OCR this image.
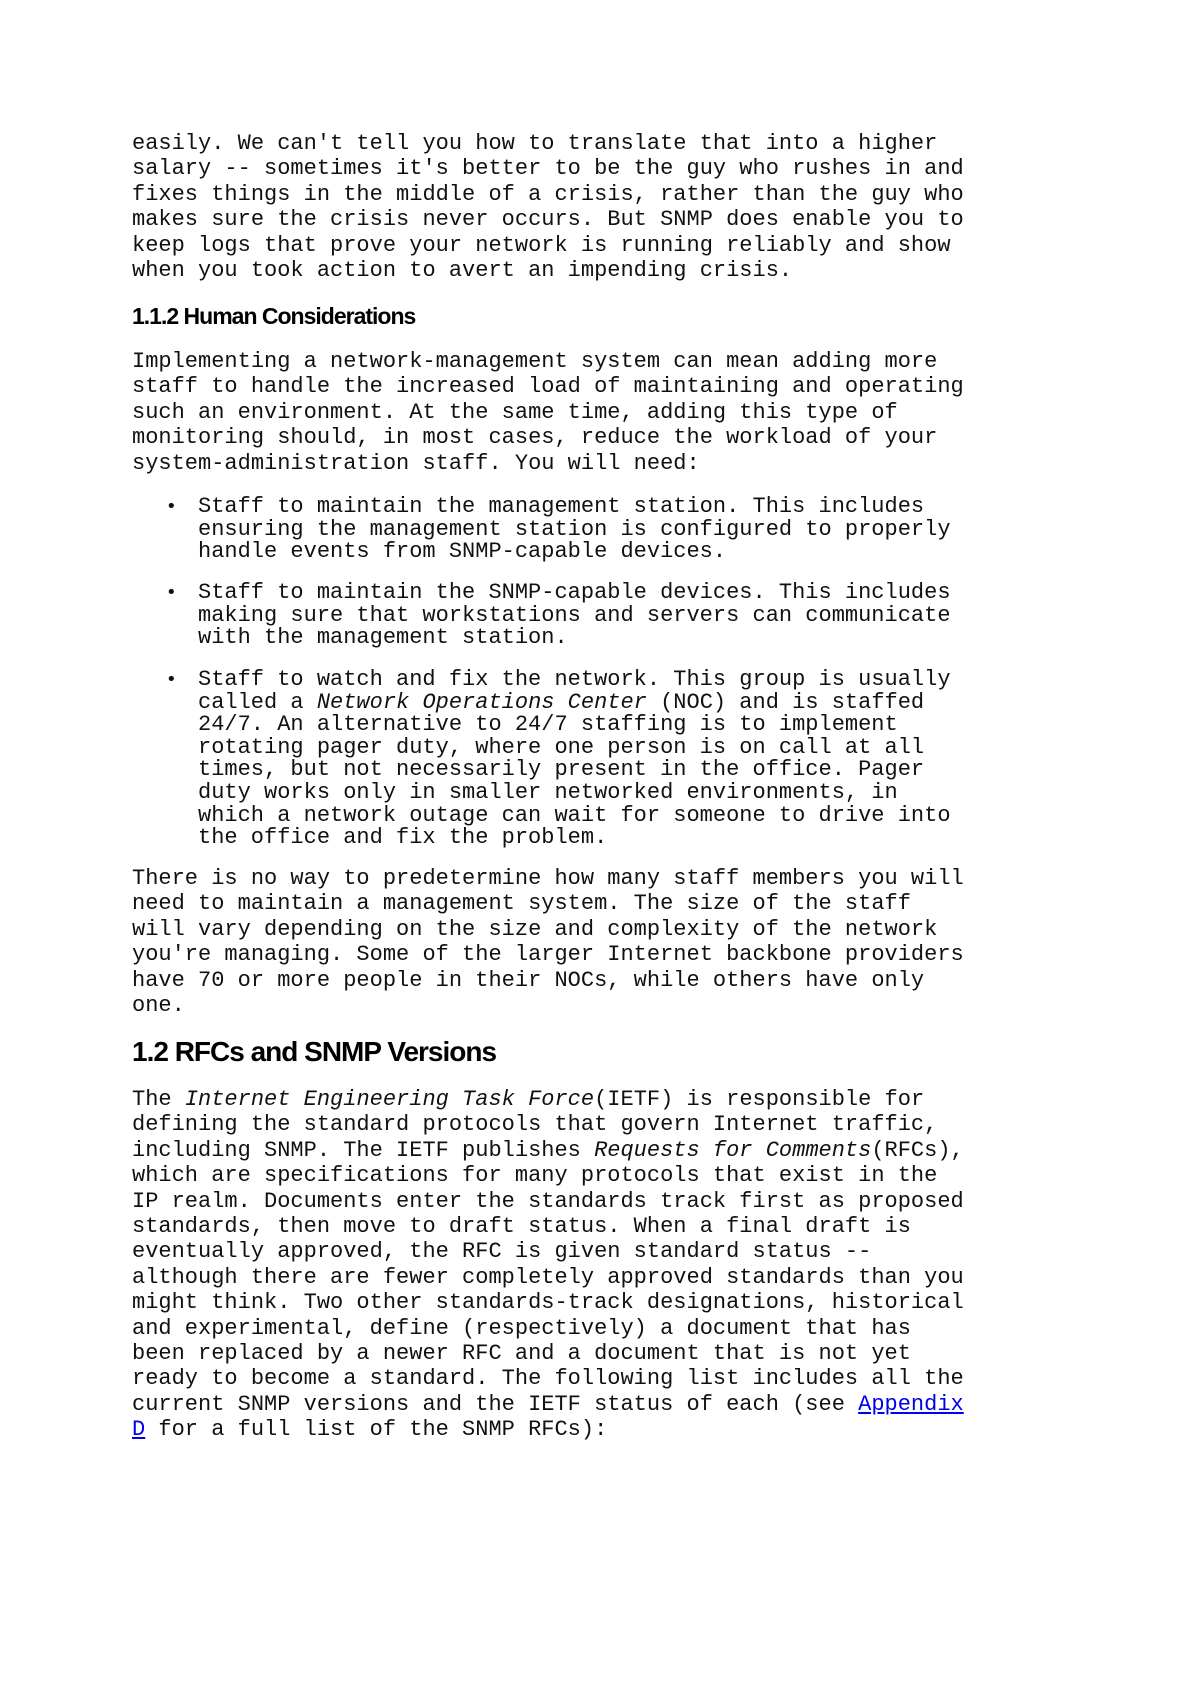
easily. We can't tell you how to translate that into a higher
salary -- sometimes it's better to be the guy who rushes in and
fixes things in the middle of a crisis, rather than the guy who
makes sure the crisis never occurs. But SNMP does enable you to
keep logs that prove your network is running reliably and show
when you took action to avert an impending crisis.
1.1.2 Human Considerations
Implementing a network-management system can mean adding more
staff to handle the increased load of maintaining and operating
such an environment. At the same time, adding this type of
monitoring should, in most cases, reduce the workload of your
system-administration staff. You will need:
• Staff to maintain the management station. This includes
ensuring the management station is configured to properly
handle events from SNMP-capable devices.
• Staff to maintain the SNMP-capable devices. This includes
making sure that workstations and servers can communicate
with the management station.
• Staff to watch and fix the network. This group is usually
called a Network Operations Center (NOC) and is staffed
24/7. An alternative to 24/7 staffing is to implement
rotating pager duty, where one person is on call at all
times, but not necessarily present in the office. Pager
duty works only in smaller networked environments, in
which a network outage can wait for someone to drive into
the office and fix the problem.
There is no way to predetermine how many staff members you will
need to maintain a management system. The size of the staff
will vary depending on the size and complexity of the network
you're managing. Some of the larger Internet backbone providers
have 70 or more people in their NOCs, while others have only
one.
1.2 RFCs and SNMP Versions
The Internet Engineering Task Force(IETF) is responsible for
defining the standard protocols that govern Internet traffic,
including SNMP. The IETF publishes Requests for Comments(RFCs),
which are specifications for many protocols that exist in the
IP realm. Documents enter the standards track first as proposed
standards, then move to draft status. When a final draft is
eventually approved, the RFC is given standard status --
although there are fewer completely approved standards than you
might think. Two other standards-track designations, historical
and experimental, define (respectively) a document that has
been replaced by a newer RFC and a document that is not yet
ready to become a standard. The following list includes all the
current SNMP versions and the IETF status of each (see Appendix
D for a full list of the SNMP RFCs):
